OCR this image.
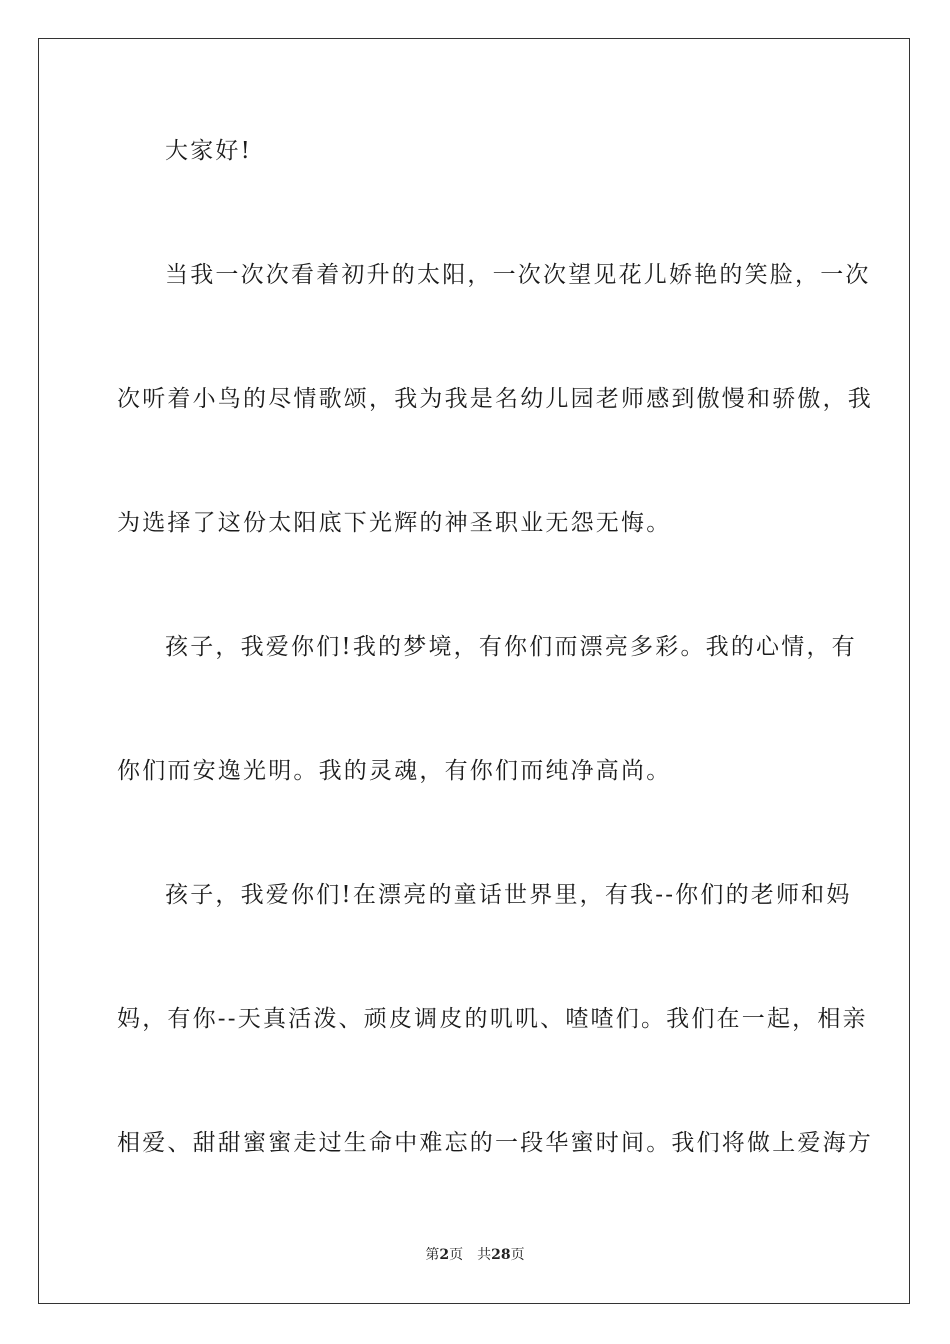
大家好!
当我一次次看着初升的太阳，一次次望见花儿娇艳的笑脸，一次
次听着小鸟的尽情歌颂，我为我是名幼儿园老师感到傲慢和骄傲，我
为选择了这份太阳底下光辉的神圣职业无怨无悔。
孩子，我爱你们!我的梦境，有你们而漂亮多彩。我的心情，有
你们而安逸光明。我的灵魂，有你们而纯净高尚。
孩子，我爱你们!在漂亮的童话世界里，有我--你们的老师和妈
妈，有你--天真活泼、顽皮调皮的叽叽、喳喳们。我们在一起，相亲
相爱、甜甜蜜蜜走过生命中难忘的一段华蜜时间。我们将做上爱海方
第2页 共28页
